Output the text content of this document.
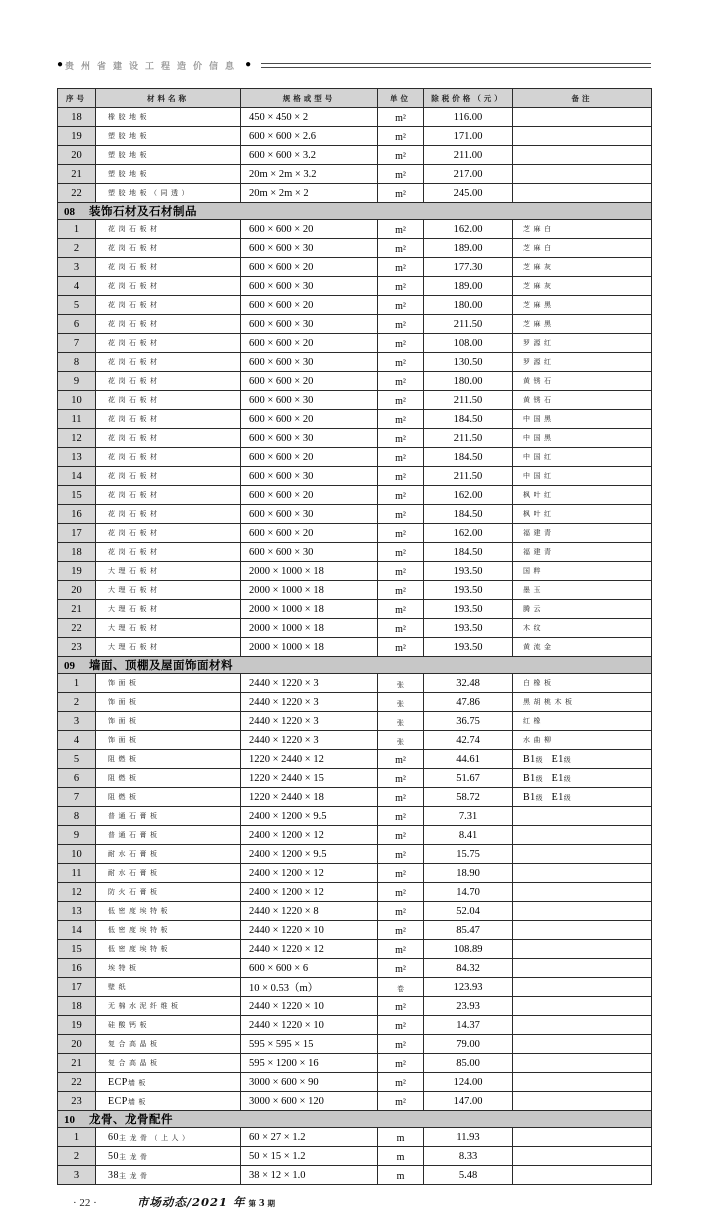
● 贵州省建设工程造价信息 ●
序号	材料名称	规格或型号	单位	除税价格（元）	备注
18	橡胶地板	450 × 450 × 2	m²	116.00	
19	塑胶地板	600 × 600 × 2.6	m²	171.00	
20	塑胶地板	600 × 600 × 3.2	m²	211.00	
21	塑胶地板	20m × 2m × 3.2	m²	217.00	
22	塑胶地板（同透）	20m × 2m × 2	m²	245.00	
08 装饰石材及石材制品					
1	花岗石板材	600 × 600 × 20	m²	162.00	芝麻白
2	花岗石板材	600 × 600 × 30	m²	189.00	芝麻白
3	花岗石板材	600 × 600 × 20	m²	177.30	芝麻灰
4	花岗石板材	600 × 600 × 30	m²	189.00	芝麻灰
5	花岗石板材	600 × 600 × 20	m²	180.00	芝麻黑
6	花岗石板材	600 × 600 × 30	m²	211.50	芝麻黑
7	花岗石板材	600 × 600 × 20	m²	108.00	罗源红
8	花岗石板材	600 × 600 × 30	m²	130.50	罗源红
9	花岗石板材	600 × 600 × 20	m²	180.00	黄锈石
10	花岗石板材	600 × 600 × 30	m²	211.50	黄锈石
11	花岗石板材	600 × 600 × 20	m²	184.50	中国黑
12	花岗石板材	600 × 600 × 30	m²	211.50	中国黑
13	花岗石板材	600 × 600 × 20	m²	184.50	中国红
14	花岗石板材	600 × 600 × 30	m²	211.50	中国红
15	花岗石板材	600 × 600 × 20	m²	162.00	枫叶红
16	花岗石板材	600 × 600 × 30	m²	184.50	枫叶红
17	花岗石板材	600 × 600 × 20	m²	162.00	福建青
18	花岗石板材	600 × 600 × 30	m²	184.50	福建青
19	大理石板材	2000 × 1000 × 18	m²	193.50	国粹
20	大理石板材	2000 × 1000 × 18	m²	193.50	墨玉
21	大理石板材	2000 × 1000 × 18	m²	193.50	腾云
22	大理石板材	2000 × 1000 × 18	m²	193.50	木纹
23	大理石板材	2000 × 1000 × 18	m²	193.50	黄流金
09 墙面、顶棚及屋面饰面材料					
1	饰面板	2440 × 1220 × 3	张	32.48	白橡板
2	饰面板	2440 × 1220 × 3	张	47.86	黑胡桃木板
3	饰面板	2440 × 1220 × 3	张	36.75	红橡
4	饰面板	2440 × 1220 × 3	张	42.74	水曲柳
5	阻燃板	1220 × 2440 × 12	m²	44.61	B1级 E1级
6	阻燃板	1220 × 2440 × 15	m²	51.67	B1级 E1级
7	阻燃板	1220 × 2440 × 18	m²	58.72	B1级 E1级
8	普通石膏板	2400 × 1200 × 9.5	m²	7.31	
9	普通石膏板	2400 × 1200 × 12	m²	8.41	
10	耐水石膏板	2400 × 1200 × 9.5	m²	15.75	
11	耐水石膏板	2400 × 1200 × 12	m²	18.90	
12	防火石膏板	2400 × 1200 × 12	m²	14.70	
13	低密度埃特板	2440 × 1220 × 8	m²	52.04	
14	低密度埃特板	2440 × 1220 × 10	m²	85.47	
15	低密度埃特板	2440 × 1220 × 12	m²	108.89	
16	埃特板	600 × 600 × 6	m²	84.32	
17	壁纸	10 × 0.53（m）	卷	123.93	
18	无棉水泥纤维板	2440 × 1220 × 10	m²	23.93	
19	硅酸钙板	2440 × 1220 × 10	m²	14.37	
20	复合高晶板	595 × 595 × 15	m²	79.00	
21	复合高晶板	595 × 1200 × 16	m²	85.00	
22	ECP墙板	3000 × 600 × 90	m²	124.00	
23	ECP墙板	3000 × 600 × 120	m²	147.00	
10 龙骨、龙骨配件					
1	60主龙骨（上人）	60 × 27 × 1.2	m	11.93	
2	50主龙骨	50 × 15 × 1.2	m	8.33	
3	38主龙骨	38 × 12 × 1.0	m	5.48	
· 22 ·	市场动态/2021 年 第 3 期
